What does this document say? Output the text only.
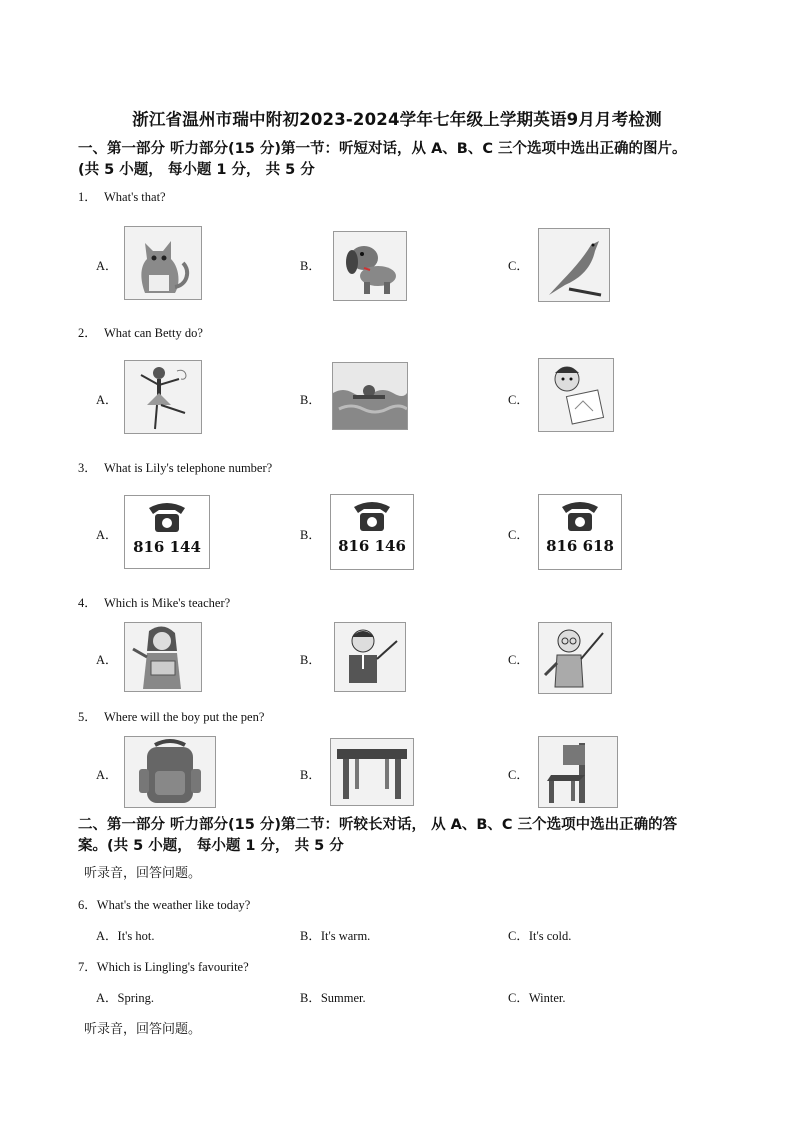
浙江省温州市瑞中附初2023-2024学年七年级上学期英语9月月考检测
一、第一部分 听力部分(15 分)第一节：听短对话，从 A、B、C 三个选项中选出正确的图片。
(共 5 小题， 每小题 1 分， 共 5 分
1． What's that?
A．	B．	C．
2． What can Betty do?
A．	B．	C．
3． What is Lily's telephone number?
A．	B．	C．
816 144	816 146	816 618
4． Which is Mike's teacher?
A．	B．	C．
5． Where will the boy put the pen?
A．	B．	C．
二、第一部分 听力部分(15 分)第二节：听较长对话， 从 A、B、C 三个选项中选出正确的答
案。(共 5 小题， 每小题 1 分， 共 5 分
听录音，回答问题。
6．What's the weather like today?
A．It's hot.	B．It's warm.	C．It's cold.
7．Which is Lingling's favourite?
A．Spring.	B．Summer.	C．Winter.
听录音，回答问题。
